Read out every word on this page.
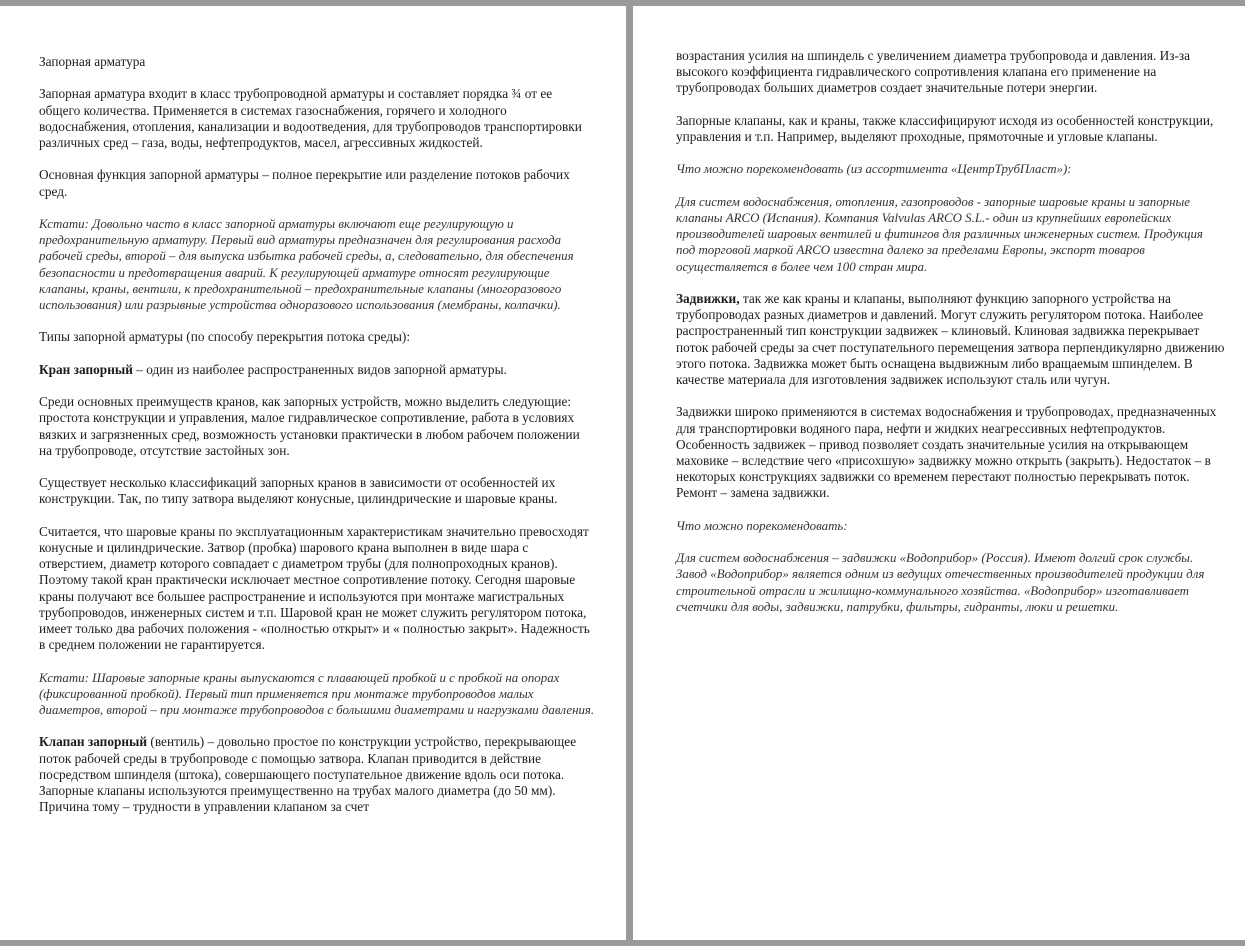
Запорная арматура

Запорная арматура входит в класс трубопроводной арматуры и составляет порядка ¾ от ее общего количества. Применяется в системах газоснабжения, горячего и холодного водоснабжения, отопления, канализации и водоотведения, для трубопроводов транспортировки различных сред – газа, воды, нефтепродуктов, масел, агрессивных жидкостей.

Основная функция запорной арматуры – полное перекрытие или разделение потоков рабочих сред.

Кстати: Довольно часто в класс запорной арматуры включают еще регулирующую и предохранительную арматуру. Первый вид арматуры предназначен для регулирования расхода рабочей среды, второй – для выпуска избытка рабочей среды, а, следовательно, для обеспечения безопасности и предотвращения аварий. К регулирующей арматуре относят регулирующие клапаны, краны, вентили, к предохранительной – предохранительные клапаны (многоразового использования) или разрывные устройства одноразового использования (мембраны, колпачки).

Типы запорной арматуры (по способу перекрытия потока среды):

Кран запорный – один из наиболее распространенных видов запорной арматуры.

Среди основных преимуществ кранов, как запорных устройств, можно выделить следующие: простота конструкции и управления, малое гидравлическое сопротивление, работа в условиях вязких и загрязненных сред, возможность установки практически в любом рабочем положении на трубопроводе, отсутствие застойных зон.

Существует несколько классификаций запорных кранов в зависимости от особенностей их конструкции. Так, по типу затвора выделяют конусные, цилиндрические и шаровые краны.

Считается, что шаровые краны по эксплуатационным характеристикам значительно превосходят конусные и цилиндрические. Затвор (пробка) шарового крана выполнен в виде шара с отверстием, диаметр которого совпадает с диаметром трубы (для полнопроходных кранов). Поэтому такой кран практически исключает местное сопротивление потоку. Сегодня шаровые краны получают все большее распространение и используются при монтаже магистральных трубопроводов, инженерных систем и т.п. Шаровой кран не может служить регулятором потока, имеет только два рабочих положения - «полностью открыт» и « полностью закрыт». Надежность в среднем положении не гарантируется.

Кстати: Шаровые запорные краны выпускаются с плавающей пробкой и с пробкой на опорах (фиксированной пробкой). Первый тип применяется при монтаже трубопроводов малых диаметров, второй – при монтаже трубопроводов с большими диаметрами и нагрузками давления.

Клапан запорный (вентиль) – довольно простое по конструкции устройство, перекрывающее поток рабочей среды в трубопроводе с помощью затвора. Клапан приводится в действие посредством шпинделя (штока), совершающего поступательное движение вдоль оси потока. Запорные клапаны используются преимущественно на трубах малого диаметра (до 50 мм). Причина тому – трудности в управлении клапаном за счет

возрастания усилия на шпиндель с увеличением диаметра трубопровода и давления. Из-за высокого коэффициента гидравлического сопротивления клапана его применение на трубопроводах больших диаметров создает значительные потери энергии.

Запорные клапаны, как и краны, также классифицируют исходя из особенностей конструкции, управления и т.п. Например, выделяют проходные, прямоточные и угловые клапаны.

Что можно порекомендовать (из ассортимента «ЦентрТрубПласт»):

Для систем водоснабжения, отопления, газопроводов - запорные шаровые краны и запорные клапаны ARCO (Испания). Компания Valvulas ARCO S.L.- один из крупнейших европейских производителей шаровых вентилей и фитингов для различных инженерных систем. Продукция под торговой маркой ARCO известна далеко за пределами Европы, экспорт товаров осуществляется в более чем 100 стран мира.

Задвижки, так же как краны и клапаны, выполняют функцию запорного устройства на трубопроводах разных диаметров и давлений. Могут служить регулятором потока. Наиболее распространенный тип конструкции задвижек – клиновый. Клиновая задвижка перекрывает поток рабочей среды за счет поступательного перемещения затвора перпендикулярно движению этого потока. Задвижка может быть оснащена выдвижным либо вращаемым шпинделем. В качестве материала для изготовления задвижек используют сталь или чугун.

Задвижки широко применяются в системах водоснабжения и трубопроводах, предназначенных для транспортировки водяного пара, нефти и жидких неагрессивных нефтепродуктов. Особенность задвижек – привод позволяет создать значительные усилия на открывающем маховике – вследствие чего «присохшую» задвижку можно открыть (закрыть). Недостаток – в некоторых конструкциях задвижки со временем перестают полностью перекрывать поток. Ремонт – замена задвижки.

Что можно порекомендовать:

Для систем водоснабжения – задвижки «Водоприбор» (Россия). Имеют долгий срок службы. Завод «Водоприбор» является одним из ведущих отечественных производителей продукции для строительной отрасли и жилищно-коммунального хозяйства. «Водоприбор» изготавливает счетчики для воды, задвижки, патрубки, фильтры, гидранты, люки и решетки.
